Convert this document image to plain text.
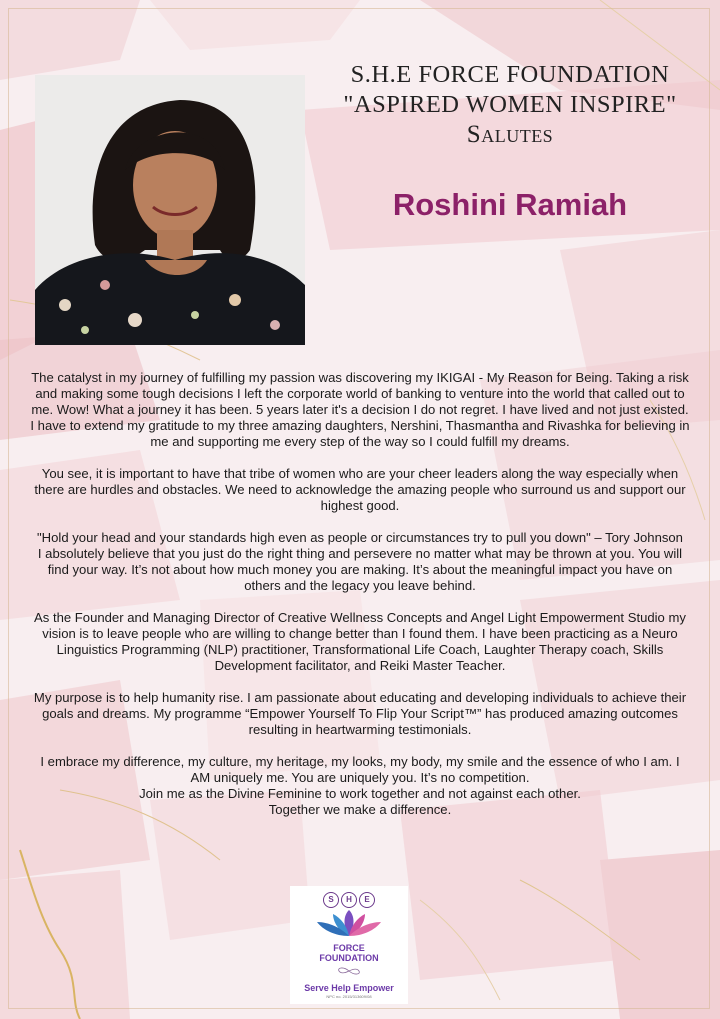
S.H.E FORCE FOUNDATION

"ASPIRED WOMEN INSPIRE"

Salutes

Roshini Ramiah

The catalyst in my journey of fulfilling my passion was discovering my IKIGAI - My Reason for Being. Taking a risk and making some tough decisions I left the corporate world of banking to venture into the world that called out to me. Wow! What a journey it has been. 5 years later it's a decision I do not regret. I have lived and not just existed. I have to extend my gratitude to my three amazing daughters, Nershini, Thasmantha and Rivashka for believing in me and supporting me every step of the way so I could fulfill my dreams.

You see, it is important to have that tribe of women who are your cheer leaders along the way especially when there are hurdles and obstacles. We need to acknowledge the amazing people who surround us and support our highest good.

"Hold your head and your standards high even as people or circumstances try to pull you down" – Tory Johnson

I absolutely believe that you just do the right thing and persevere no matter what may be thrown at you. You will find your way. It’s not about how much money you are making. It’s about the meaningful impact you have on others and the legacy you leave behind.

As the Founder and Managing Director of Creative Wellness Concepts and Angel Light Empowerment Studio my vision is to leave people who are willing to change better than I found them. I have been practicing as a Neuro Linguistics Programming (NLP) practitioner, Transformational Life Coach, Laughter Therapy coach, Skills Development facilitator, and Reiki Master Teacher.

My purpose is to help humanity rise. I am passionate about educating and developing individuals to achieve their goals and dreams. My programme “Empower Yourself To Flip Your Script™” has produced amazing outcomes resulting in heartwarming testimonials.

I embrace my difference, my culture, my heritage, my looks, my body, my smile and the essence of who I am. I AM uniquely me. You are uniquely you. It’s no competition.

Join me as the Divine Feminine to work together and not against each other.

Together we make a difference.

S	H	E

FORCE

FOUNDATION

Serve Help Empower

NPC no. 2015/313609/08
